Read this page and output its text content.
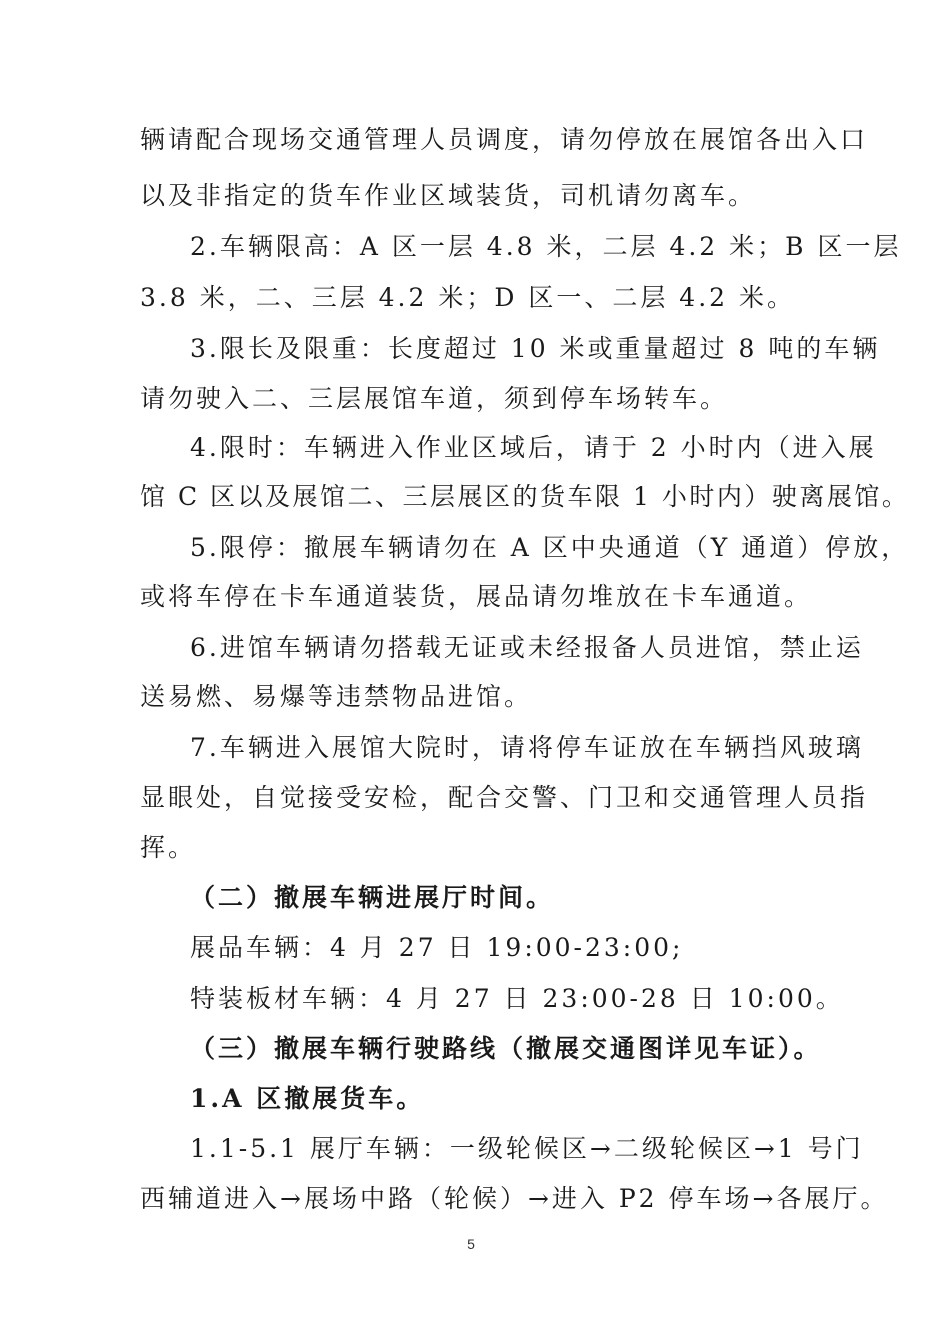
辆请配合现场交通管理人员调度，请勿停放在展馆各出入口
以及非指定的货车作业区域装货，司机请勿离车。
2.车辆限高：A 区一层 4.8 米，二层 4.2 米；B 区一层
3.8 米，二、三层 4.2 米；D 区一、二层 4.2 米。
3.限长及限重：长度超过 10 米或重量超过 8 吨的车辆
请勿驶入二、三层展馆车道，须到停车场转车。
4.限时：车辆进入作业区域后，请于 2 小时内（进入展
馆 C 区以及展馆二、三层展区的货车限 1 小时内）驶离展馆。
5.限停：撤展车辆请勿在 A 区中央通道（Y 通道）停放，
或将车停在卡车通道装货，展品请勿堆放在卡车通道。
6.进馆车辆请勿搭载无证或未经报备人员进馆，禁止运
送易燃、易爆等违禁物品进馆。
7.车辆进入展馆大院时，请将停车证放在车辆挡风玻璃
显眼处，自觉接受安检，配合交警、门卫和交通管理人员指
挥。
（二）撤展车辆进展厅时间。
展品车辆：4 月 27 日 19:00-23:00;
特装板材车辆：4 月 27 日 23:00-28 日 10:00。
（三）撤展车辆行驶路线（撤展交通图详见车证）。
1.A 区撤展货车。
1.1-5.1 展厅车辆：一级轮候区→二级轮候区→1 号门
西辅道进入→展场中路（轮候）→进入 P2 停车场→各展厅。
5
